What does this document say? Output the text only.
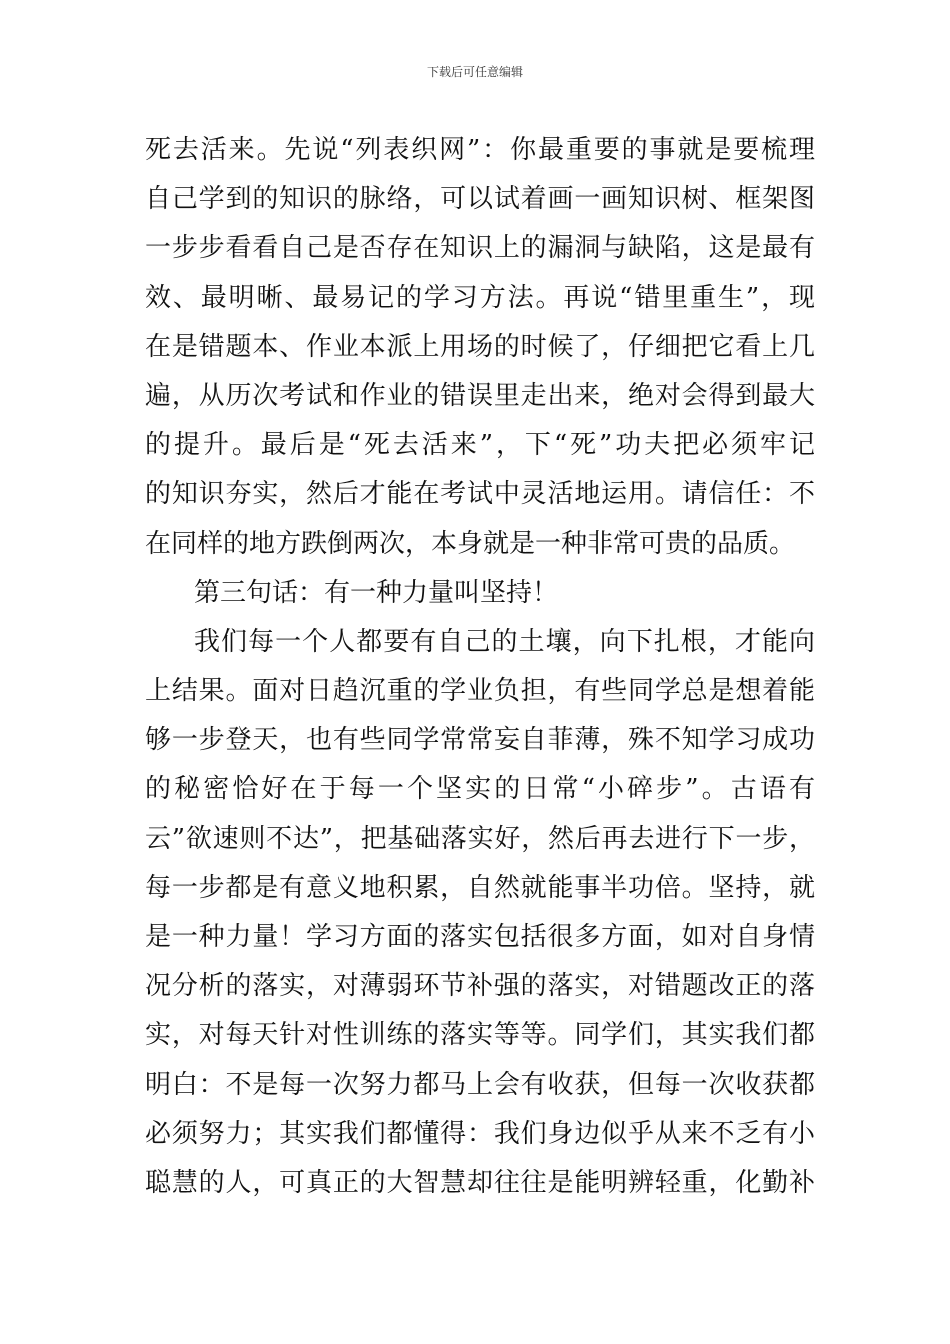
下载后可任意编辑
死去活来。先说“列表织网”：你最重要的事就是要梳理
自己学到的知识的脉络，可以试着画一画知识树、框架图
一步步看看自己是否存在知识上的漏洞与缺陷，这是最有
效、最明晰、最易记的学习方法。再说“错里重生”，现
在是错题本、作业本派上用场的时候了，仔细把它看上几
遍，从历次考试和作业的错误里走出来，绝对会得到最大
的提升。最后是“死去活来”，下“死”功夫把必须牢记
的知识夯实，然后才能在考试中灵活地运用。请信任：不
在同样的地方跌倒两次，本身就是一种非常可贵的品质。
第三句话：有一种力量叫坚持！
我们每一个人都要有自己的土壤，向下扎根，才能向
上结果。面对日趋沉重的学业负担，有些同学总是想着能
够一步登天，也有些同学常常妄自菲薄，殊不知学习成功
的秘密恰好在于每一个坚实的日常“小碎步”。古语有
云”欲速则不达”，把基础落实好，然后再去进行下一步，
每一步都是有意义地积累，自然就能事半功倍。坚持，就
是一种力量！学习方面的落实包括很多方面，如对自身情
况分析的落实，对薄弱环节补强的落实，对错题改正的落
实，对每天针对性训练的落实等等。同学们，其实我们都
明白：不是每一次努力都马上会有收获，但每一次收获都
必须努力；其实我们都懂得：我们身边似乎从来不乏有小
聪慧的人，可真正的大智慧却往往是能明辨轻重，化勤补
